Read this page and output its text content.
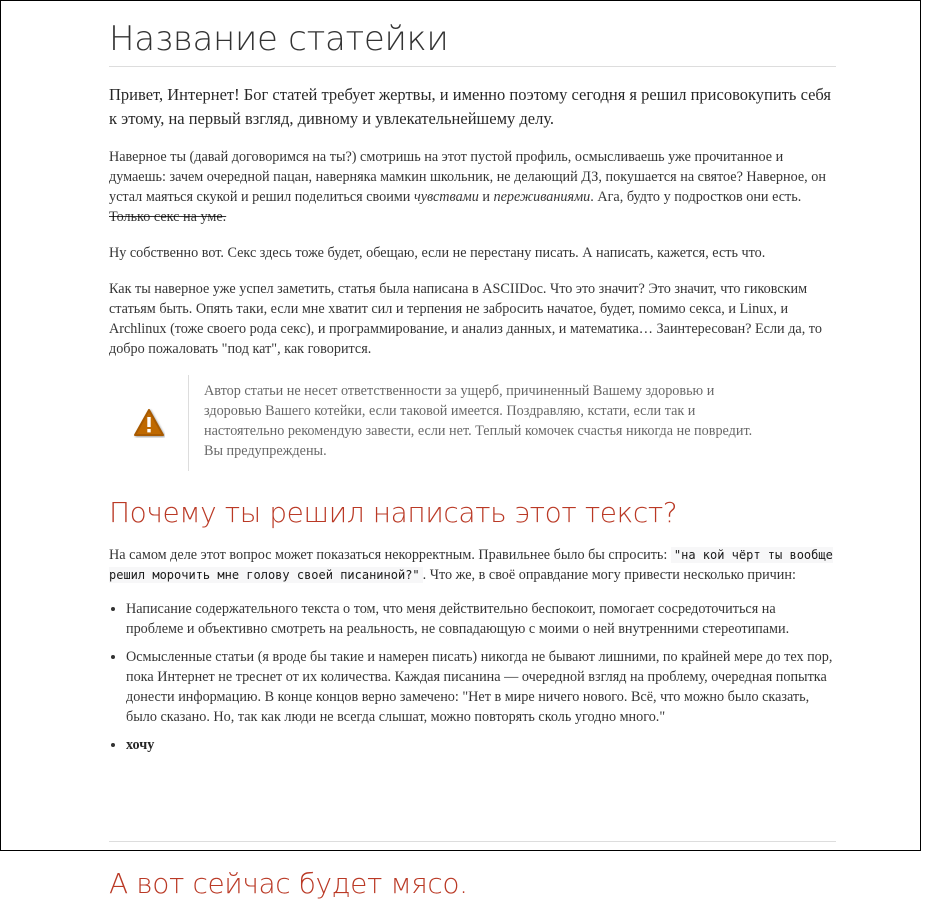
Название статейки
Привет, Интернет! Бог статей требует жертвы, и именно поэтому сегодня я решил присовокупить себя к этому, на первый взгляд, дивному и увлекательнейшему делу.

Наверное ты (давай договоримся на ты?) смотришь на этот пустой профиль, осмысливаешь уже прочитанное и думаешь: зачем очередной пацан, наверняка мамкин школьник, не делающий ДЗ, покушается на святое? Наверное, он устал маяться скукой и решил поделиться своими чувствами и переживаниями. Ага, будто у подростков они есть. Только секс на уме.

Ну собственно вот. Секс здесь тоже будет, обещаю, если не перестану писать. А написать, кажется, есть что.

Как ты наверное уже успел заметить, статья была написана в ASCIIDoc. Что это значит? Это значит, что гиковским статьям быть. Опять таки, если мне хватит сил и терпения не забросить начатое, будет, помимо секса, и Linux, и Archlinux (тоже своего рода секс), и программирование, и анализ данных, и математика… Заинтересован? Если да, то добро пожаловать "под кат", как говорится.

Автор статьи не несет ответственности за ущерб, причиненный Вашему здоровью и здоровью Вашего котейки, если таковой имеется. Поздравляю, кстати, если так и настоятельно рекомендую завести, если нет. Теплый комочек счастья никогда не повредит. Вы предупреждены.
Почему ты решил написать этот текст?

На самом деле этот вопрос может показаться некорректным. Правильнее было бы спросить: "на кой чёрт ты вообще решил морочить мне голову своей писаниной?" . Что же, в своё оправдание могу привести несколько причин:

• Написание содержательного текста о том, что меня действительно беспокоит, помогает сосредоточиться на проблеме и объективно смотреть на реальность, не совпадающую с моими о ней внутренними стереотипами.
• Осмысленные статьи (я вроде бы такие и намерен писать) никогда не бывают лишними, по крайней мере до тех пор, пока Интернет не треснет от их количества. Каждая писанина — очередной взгляд на проблему, очередная попытка донести информацию. В конце концов верно замечено: "Нет в мире ничего нового. Всё, что можно было сказать, было сказано. Но, так как люди не всегда слышат, можно повторять сколь угодно много."
• хочу
А вот сейчас будет мясо.
